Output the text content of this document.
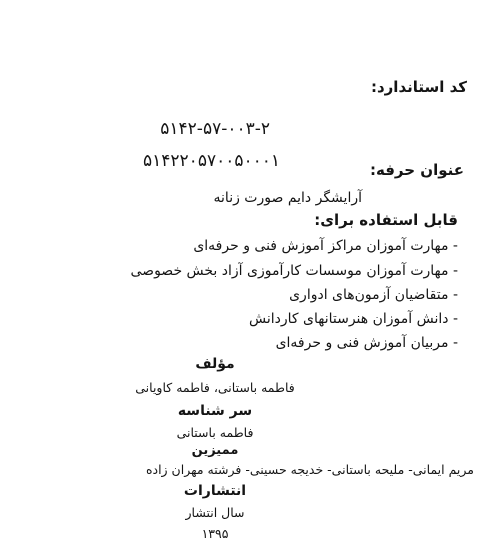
کد استاندارد:
۵۱۴۲-۵۷-۰۰۳-۲
۵۱۴۲۲۰۵۷۰۰۵۰۰۰۱	عنوان حرفه:
آرایشگر دایم صورت زنانه
قابل استفاده برای:
- مهارت آموزان مراکز آموزش فنی و حرفه‌ای
- مهارت آموزان موسسات کارآموزی آزاد بخش خصوصی
- متقاضیان آزمون‌های ادواری
- دانش آموزان هنرستانهای کاردانش
- مربیان آموزش فنی و حرفه‌ای
مؤلف
فاطمه باستانی، فاطمه کاویانی
سر شناسه
فاطمه باستانی
ممیزین
مریم ایمانی- ملیحه باستانی- خدیجه حسینی- فرشته مهران زاده
انتشارات
سال انتشار
۱۳۹۵
